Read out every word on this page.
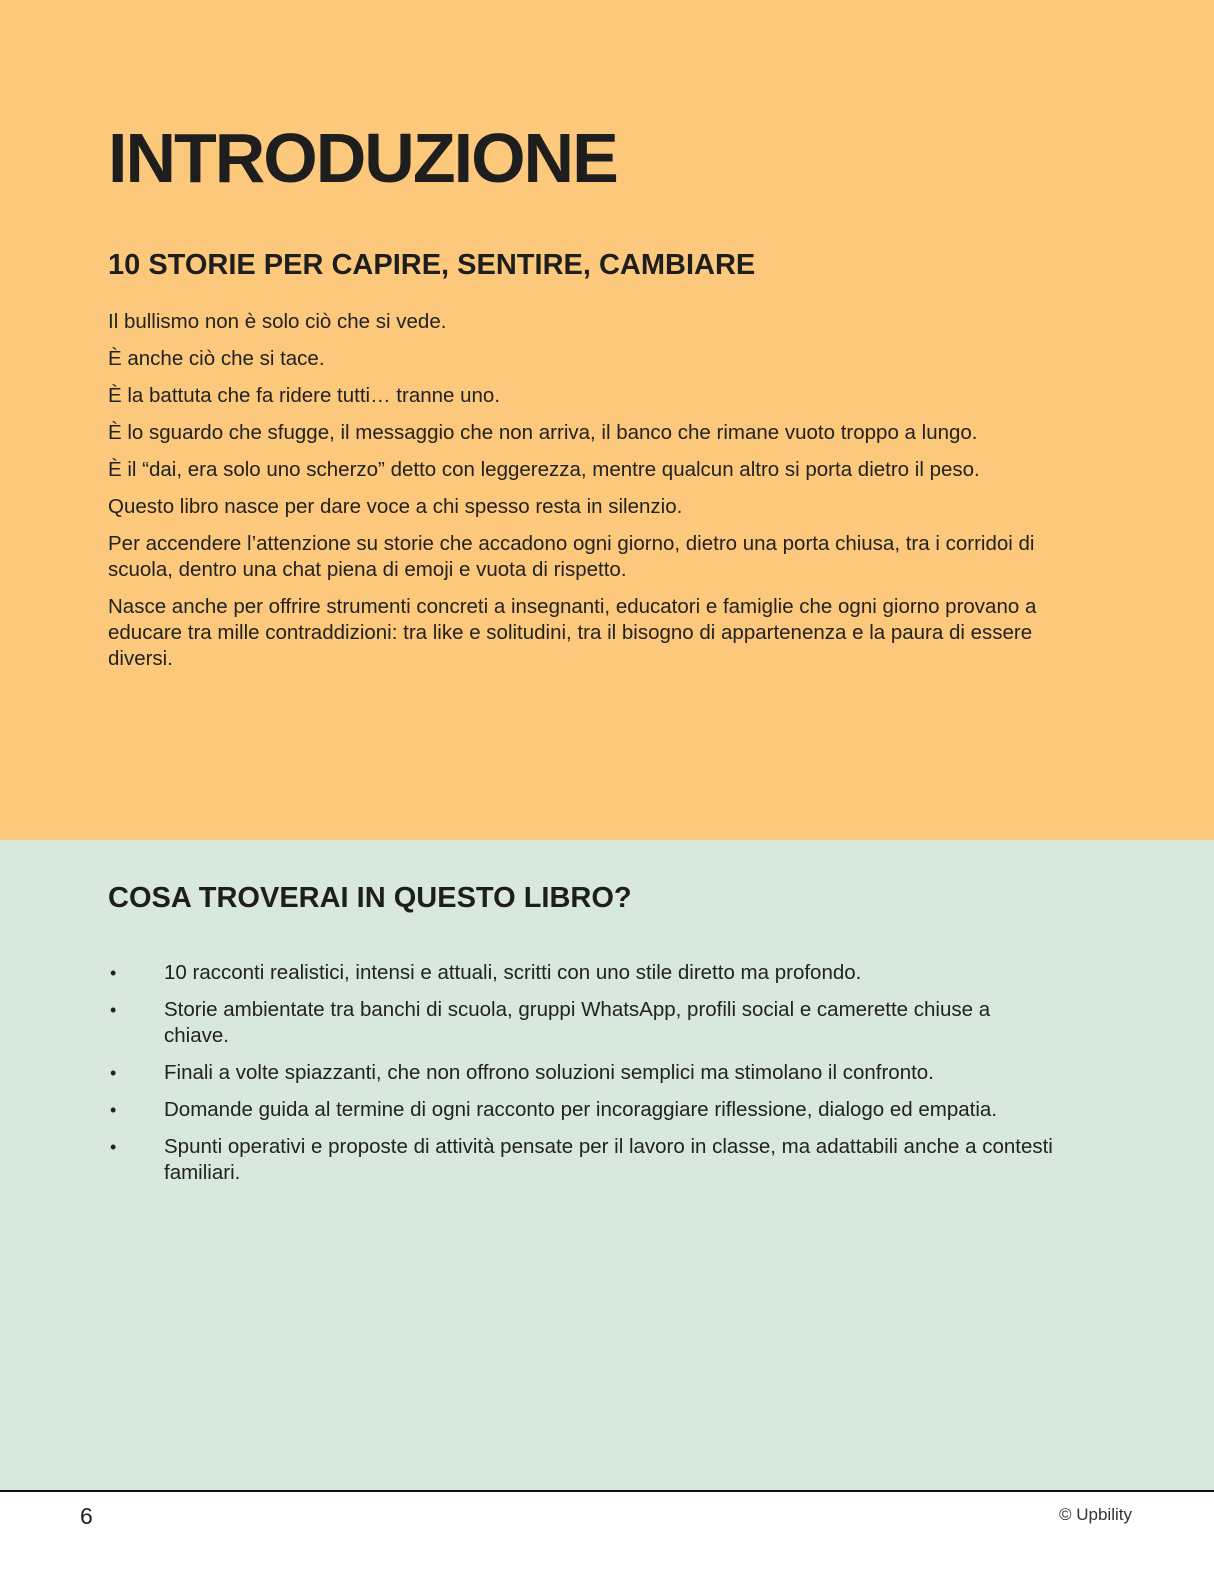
INTRODUZIONE
10 STORIE PER CAPIRE, SENTIRE, CAMBIARE

Il bullismo non è solo ciò che si vede.

È anche ciò che si tace.

È la battuta che fa ridere tutti… tranne uno.

È lo sguardo che sfugge, il messaggio che non arriva, il banco che rimane vuoto troppo a lungo.

È il “dai, era solo uno scherzo” detto con leggerezza, mentre qualcun altro si porta dietro il peso.

Questo libro nasce per dare voce a chi spesso resta in silenzio.

Per accendere l’attenzione su storie che accadono ogni giorno, dietro una porta chiusa, tra i corridoi di scuola, dentro una chat piena di emoji e vuota di rispetto.

Nasce anche per offrire strumenti concreti a insegnanti, educatori e famiglie che ogni giorno provano a educare tra mille contraddizioni: tra like e solitudini, tra il bisogno di appartenenza e la paura di essere diversi.

COSA TROVERAI IN QUESTO LIBRO?
• 10 racconti realistici, intensi e attuali, scritti con uno stile diretto ma profondo.
• Storie ambientate tra banchi di scuola, gruppi WhatsApp, profili social e camerette chiuse a chiave.
• Finali a volte spiazzanti, che non offrono soluzioni semplici ma stimolano il confronto.
• Domande guida al termine di ogni racconto per incoraggiare riflessione, dialogo ed empatia.
• Spunti operativi e proposte di attività pensate per il lavoro in classe, ma adattabili anche a contesti familiari.
6	© Upbility
